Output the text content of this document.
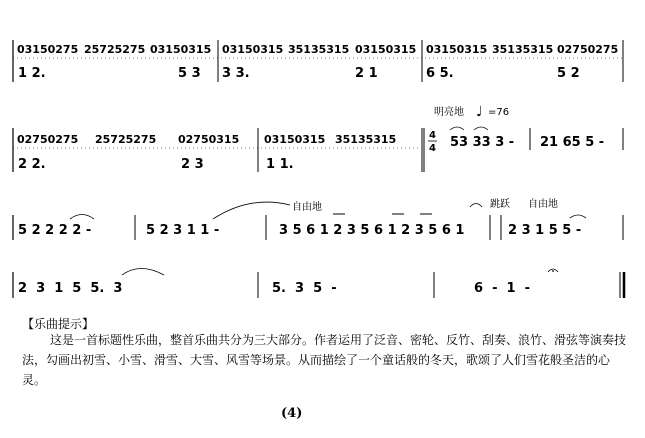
03150275 25725275 03150315 03150315 35135315 03150315 03150315 35135315 02750275
1 2.	5 3 3 3.	2 1	6 5.	5 2
02750275 25725275 02750315 03150315 35135315
2 2.	2 3	1 1.
明亮地 ♩ =76
4
4 53 33 3 - 21 65 5 -
5 2 2 2 2 -	5 2 3 1 1 -	3 5 6 1 2 3 5 6 1 2 3 5 6 1	2 3 1 5 5 -
自由地	跳跃 自由地
2  3  1  5  5.  3	5.  3  5  -	6  -  1  -
【乐曲提示】
这是一首标题性乐曲，整首乐曲共分为三大部分。作者运用了泛音、密轮、反竹、刮奏、浪竹、滑弦等演奏技法，勾画出初雪、小雪、滑雪、大雪、风雪等场景。从而描绘了一个童话般的冬天，歌颂了人们雪花般圣洁的心灵。
(4)
